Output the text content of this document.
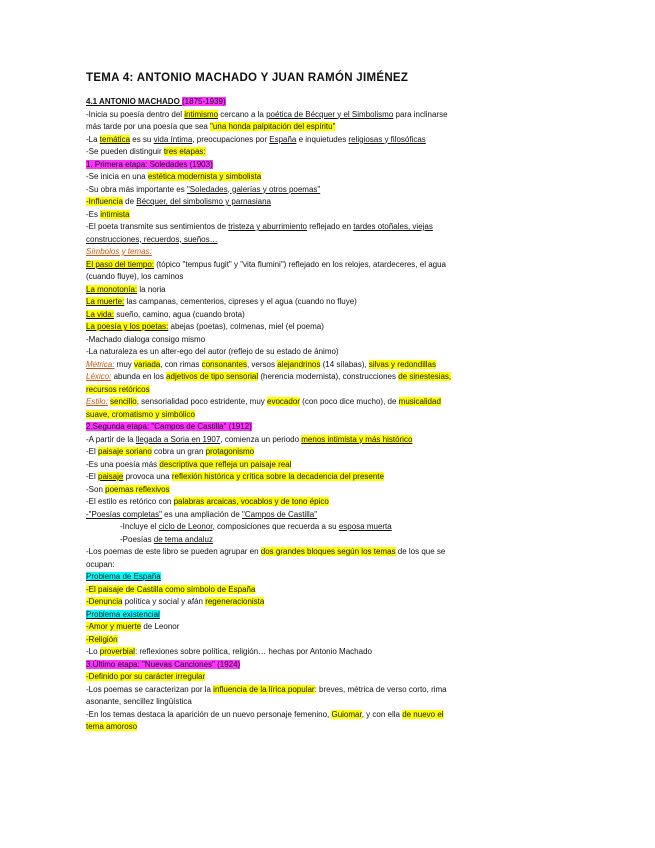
TEMA 4: ANTONIO MACHADO Y JUAN RAMÓN JIMÉNEZ
4.1 ANTONIO MACHADO (1875-1939)
-Inicia su poesía dentro del intimismo cercano a la poética de Bécquer y el Simbolismo para inclinarse
más tarde por una poesía que sea "una honda palpitación del espíritu"
-La temática es su vida íntima, preocupaciones por España e inquietudes religiosas y filosóficas
-Se pueden distinguir tres etapas:
1. Primera etapa: Soledades (1903)
-Se inicia en una estética modernista y simbolista
-Su obra más importante es "Soledades, galerías y otros poemas"
-Influencia de Bécquer, del simbolismo y parnasiana
-Es intimista
-El poeta transmite sus sentimientos de tristeza y aburrimiento reflejado en tardes otoñales, viejas
construcciones, recuerdos, sueños…
Símbolos y temas:
El paso del tiempo: (tópico "tempus fugit" y "vita flumini") reflejado en los relojes, atardeceres, el agua
(cuando fluye), los caminos
La monotonía: la noria
La muerte: las campanas, cementerios, cipreses y el agua (cuando no fluye)
La vida: sueño, camino, agua (cuando brota)
La poesía y los poetas: abejas (poetas), colmenas, miel (el poema)
-Machado dialoga consigo mismo
-La naturaleza es un alter-ego del autor (reflejo de su estado de ánimo)
Métrica: muy variada, con rimas consonantes, versos alejandrinos (14 sílabas), silvas y redondillas
Léxico: abunda en los adjetivos de tipo sensorial (herencia modernista), construcciones de sinestesias,
recursos retóricos
Estilo: sencillo, sensorialidad poco estridente, muy evocador (con poco dice mucho), de musicalidad
suave, cromatismo y simbólico
2.Segunda etapa: "Campos de Castilla" (1912)
-A partir de la llegada a Soria en 1907, comienza un periodo menos intimista y más histórico
-El paisaje soriano cobra un gran protagonismo
-Es una poesía más descriptiva que refleja un paisaje real
-El paisaje provoca una reflexión histórica y crítica sobre la decadencia del presente
-Son poemas reflexivos
-El estilo es retórico con palabras arcaicas, vocablos y de tono épico
-"Poesías completas" es una ampliación de "Campos de Castilla"
-Incluye el ciclo de Leonor, composiciones que recuerda a su esposa muerta
-Poesías de tema andaluz
-Los poemas de este libro se pueden agrupar en dos grandes bloques según los temas de los que se
ocupan:
Problema de España
-El paisaje de Castilla como símbolo de España
-Denuncia política y social y afán regeneracionista
Problema existencial
-Amor y muerte de Leonor
-Religión
-Lo proverbial: reflexiones sobre política, religión… hechas por Antonio Machado
3.Último etapa: "Nuevas Canciones" (1924)
-Definido por su carácter irregular
-Los poemas se caracterizan por la influencia de la lírica popular: breves, métrica de verso corto, rima
asonante, sencillez lingüística
-En los temas destaca la aparición de un nuevo personaje femenino, Guiomar, y con ella de nuevo el
tema amoroso
